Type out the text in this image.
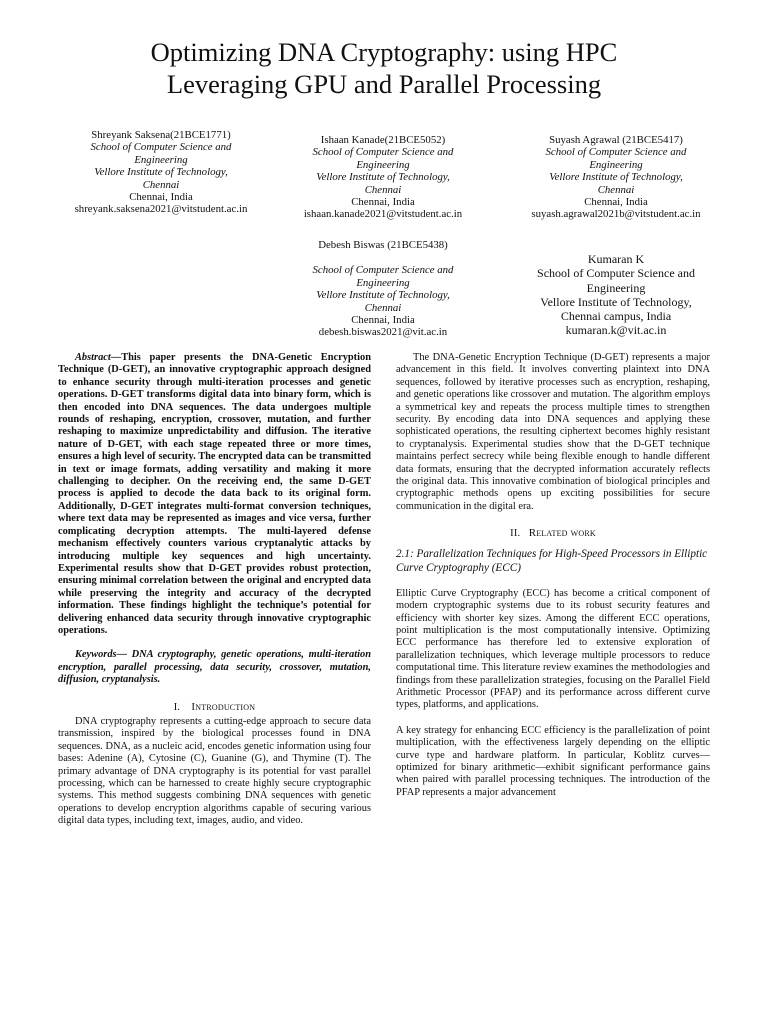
Optimizing DNA Cryptography: using HPC
Leveraging GPU and Parallel Processing
Shreyank Saksena(21BCE1771)
School of Computer Science and
Engineering
Vellore Institute of Technology,
Chennai
Chennai, India
shreyank.saksena2021@vitstudent.ac.in
Ishaan Kanade(21BCE5052)
School of Computer Science and
Engineering
Vellore Institute of Technology,
Chennai
Chennai, India
ishaan.kanade2021@vitstudent.ac.in
Suyash Agrawal (21BCE5417)
School of Computer Science and
Engineering
Vellore Institute of Technology,
Chennai
Chennai, India
suyash.agrawal2021b@vitstudent.ac.in
Debesh Biswas (21BCE5438)
School of Computer Science and
Engineering
Vellore Institute of Technology,
Chennai
Chennai, India
debesh.biswas2021@vit.ac.in
Kumaran K
School of Computer Science and
Engineering
Vellore Institute of Technology,
Chennai campus, India
kumaran.k@vit.ac.in

Abstract—This paper presents the DNA-Genetic Encryption Technique (D-GET), an innovative cryptographic approach designed to enhance security through multi-iteration processes and genetic operations. D-GET transforms digital data into binary form, which is then encoded into DNA sequences. The data undergoes multiple rounds of reshaping, encryption, crossover, mutation, and further reshaping to maximize unpredictability and diffusion. The iterative nature of D-GET, with each stage repeated three or more times, ensures a high level of security. The encrypted data can be transmitted in text or image formats, adding versatility and making it more challenging to decipher. On the receiving end, the same D-GET process is applied to decode the data back to its original form. Additionally, D-GET integrates multi-format conversion techniques, where text data may be represented as images and vice versa, further complicating decryption attempts. The multi-layered defense mechanism effectively counters various cryptanalytic attacks by introducing multiple key sequences and high uncertainty. Experimental results show that D-GET provides robust protection, ensuring minimal correlation between the original and encrypted data while preserving the integrity and accuracy of the decrypted information. These findings highlight the technique’s potential for delivering enhanced data security through innovative cryptographic operations.

Keywords— DNA cryptography, genetic operations, multi-iteration encryption, parallel processing, data security, crossover, mutation, diffusion, cryptanalysis.

I. Introduction

DNA cryptography represents a cutting-edge approach to secure data transmission, inspired by the biological processes found in DNA sequences. DNA, as a nucleic acid, encodes genetic information using four bases: Adenine (A), Cytosine (C), Guanine (G), and Thymine (T). The primary advantage of DNA cryptography is its potential for vast parallel processing, which can be harnessed to create highly secure cryptographic systems. This method suggests combining DNA sequences with genetic operations to develop encryption algorithms capable of securing various digital data types, including text, images, audio, and video.

The DNA-Genetic Encryption Technique (D-GET) represents a major advancement in this field. It involves converting plaintext into DNA sequences, followed by iterative processes such as encryption, reshaping, and genetic operations like crossover and mutation. The algorithm employs a symmetrical key and repeats the process multiple times to strengthen security. By encoding data into DNA sequences and applying these sophisticated operations, the resulting ciphertext becomes highly resistant to cryptanalysis. Experimental studies show that the D-GET technique maintains perfect secrecy while being flexible enough to handle different data formats, ensuring that the decrypted information accurately reflects the original data. This innovative combination of biological principles and cryptographic methods opens up exciting possibilities for secure communication in the digital era.

II. Related work

2.1: Parallelization Techniques for High-Speed Processors in Elliptic Curve Cryptography (ECC)

Elliptic Curve Cryptography (ECC) has become a critical component of modern cryptographic systems due to its robust security features and efficiency with shorter key sizes. Among the different ECC operations, point multiplication is the most computationally intensive. Optimizing ECC performance has therefore led to extensive exploration of parallelization techniques, which leverage multiple processors to reduce computational time. This literature review examines the methodologies and findings from these parallelization strategies, focusing on the Parallel Field Arithmetic Processor (PFAP) and its performance across different curve types, platforms, and applications.

A key strategy for enhancing ECC efficiency is the parallelization of point multiplication, with the effectiveness largely depending on the elliptic curve type and hardware platform. In particular, Koblitz curves—optimized for binary arithmetic—exhibit significant performance gains when paired with parallel processing techniques. The introduction of the PFAP represents a major advancement
